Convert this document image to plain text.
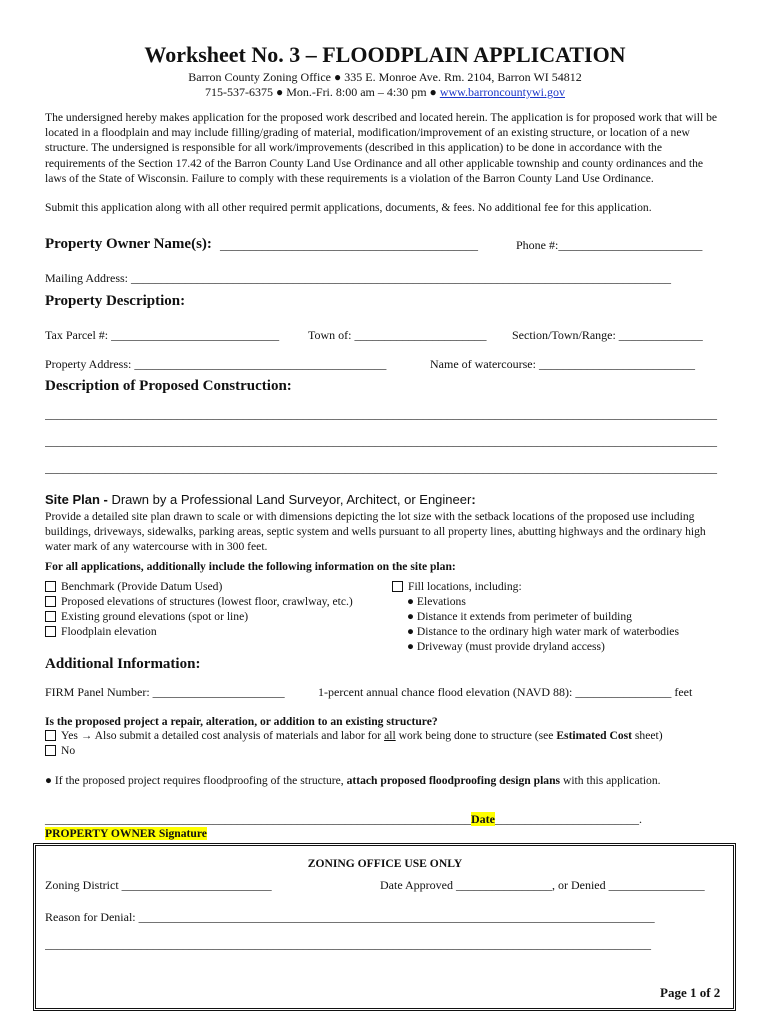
Worksheet No. 3 – FLOODPLAIN APPLICATION
Barron County Zoning Office ● 335 E. Monroe Ave. Rm. 2104, Barron WI 54812
715-537-6375 ● Mon.-Fri. 8:00 am – 4:30 pm ● www.barroncountywi.gov
The undersigned hereby makes application for the proposed work described and located herein. The application is for proposed work that will be located in a floodplain and may include filling/grading of material, modification/improvement of an existing structure, or location of a new structure. The undersigned is responsible for all work/improvements (described in this application) to be done in accordance with the requirements of the Section 17.42 of the Barron County Land Use Ordinance and all other applicable township and county ordinances and the laws of the State of Wisconsin. Failure to comply with these requirements is a violation of the Barron County Land Use Ordinance.
Submit this application along with all other required permit applications, documents, & fees. No additional fee for this application.
Property Owner Name(s): ___________________________________________	Phone #:________________________
Mailing Address: __________________________________________________________________________________________
Property Description:
Tax Parcel #: ____________________________ Town of: ______________________ Section/Town/Range: ______________
Property Address: __________________________________________	Name of watercourse: __________________________
Description of Proposed Construction:
________________________________________________________________________________________________________________
________________________________________________________________________________________________________________
________________________________________________________________________________________________________________
Site Plan - Drawn by a Professional Land Surveyor, Architect, or Engineer:
Provide a detailed site plan drawn to scale or with dimensions depicting the lot size with the setback locations of the proposed use including buildings, driveways, sidewalks, parking areas, septic system and wells pursuant to all property lines, abutting highways and the ordinary high water mark of any watercourse with in 300 feet.
For all applications, additionally include the following information on the site plan:
Benchmark (Provide Datum Used)
Proposed elevations of structures (lowest floor, crawlway, etc.)
Existing ground elevations (spot or line)
Floodplain elevation
Fill locations, including:
● Elevations
● Distance it extends from perimeter of building
● Distance to the ordinary high water mark of waterbodies
● Driveway (must provide dryland access)
Additional Information:
FIRM Panel Number: ______________________	1-percent annual chance flood elevation (NAVD 88): ________________ feet
Is the proposed project a repair, alteration, or addition to an existing structure?
Yes → Also submit a detailed cost analysis of materials and labor for all work being done to structure (see Estimated Cost sheet)
No
● If the proposed project requires floodproofing of the structure, attach proposed floodproofing design plans with this application.
_______________________________________________________________________Date________________________.
PROPERTY OWNER Signature
ZONING OFFICE USE ONLY
Zoning District _________________________	Date Approved ________________, or Denied ________________
Reason for Denial: ______________________________________________________________________________________
_____________________________________________________________________________________________________
Page 1 of 2
